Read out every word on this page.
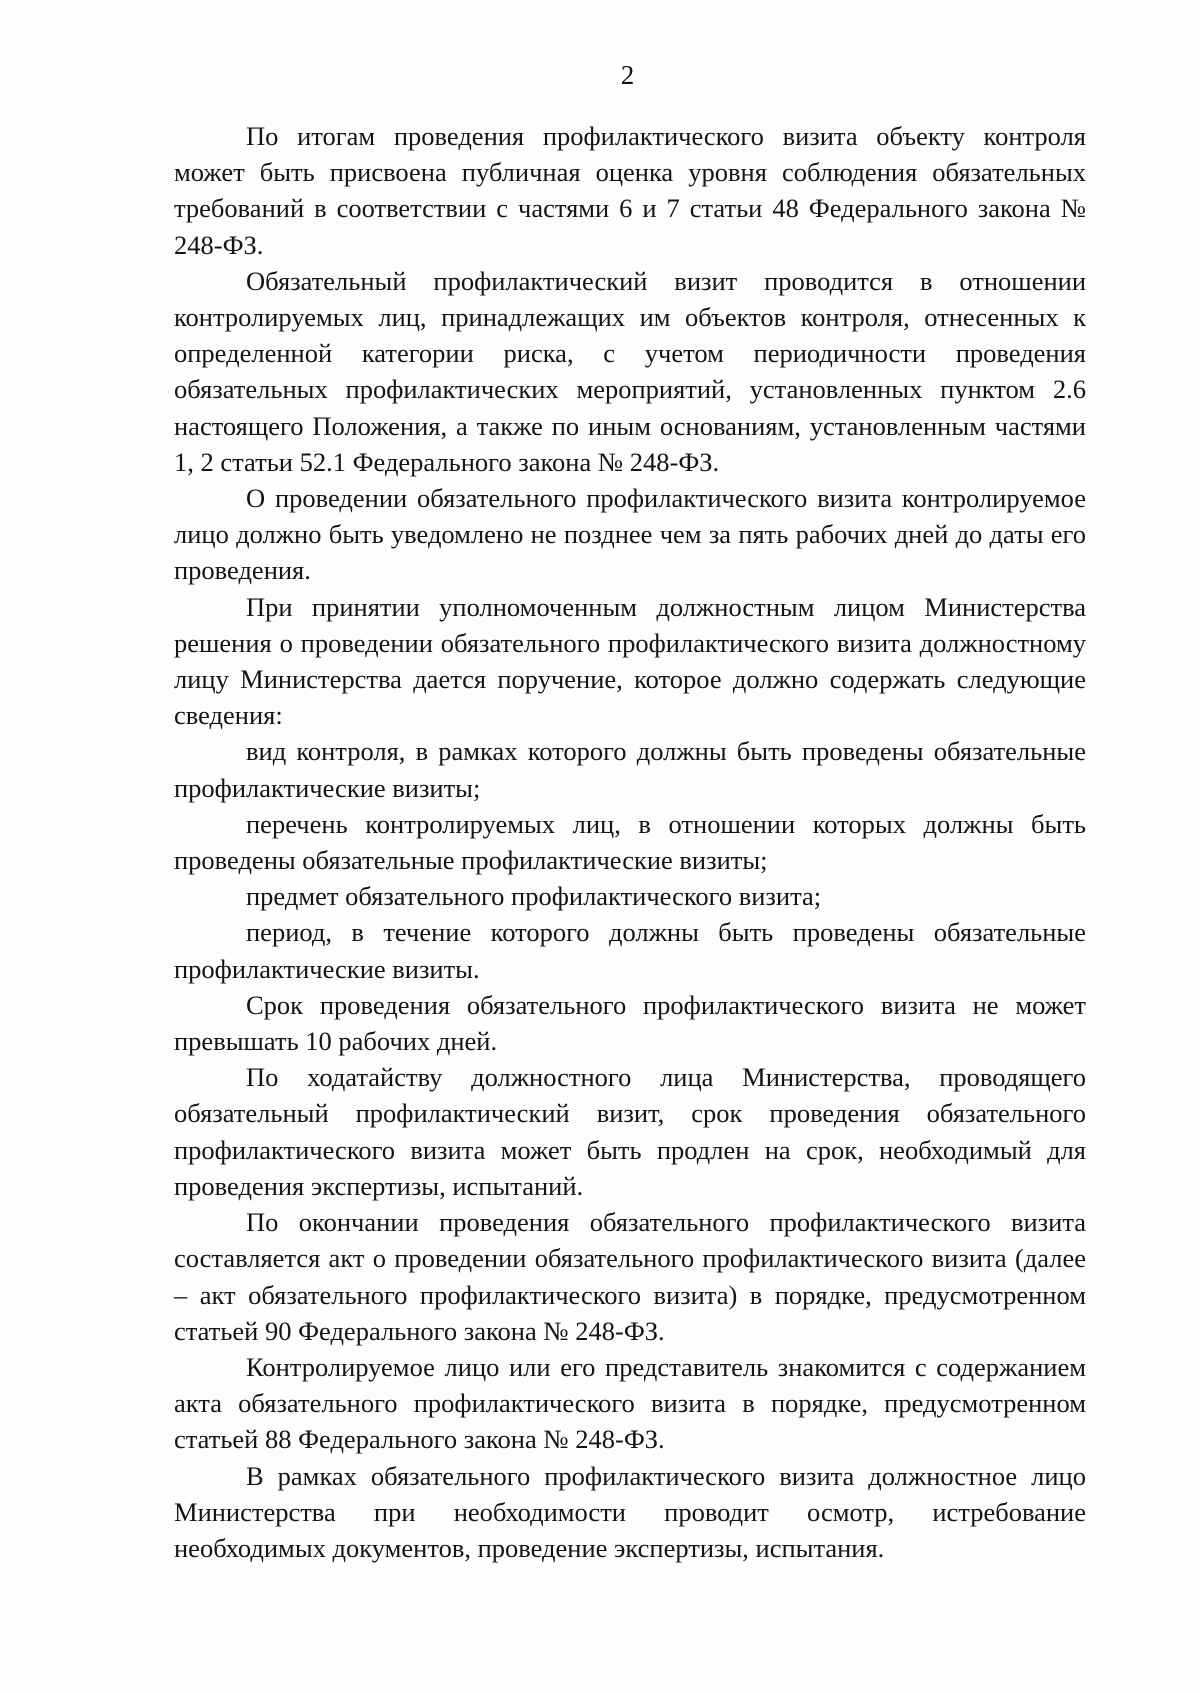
2

По итогам проведения профилактического визита объекту контроля может быть присвоена публичная оценка уровня соблюдения обязательных требований в соответствии с частями 6 и 7 статьи 48 Федерального закона № 248-ФЗ.

Обязательный профилактический визит проводится в отношении контролируемых лиц, принадлежащих им объектов контроля, отнесенных к определенной категории риска, с учетом периодичности проведения обязательных профилактических мероприятий, установленных пунктом 2.6 настоящего Положения, а также по иным основаниям, установленным частями 1, 2 статьи 52.1 Федерального закона № 248-ФЗ.

О проведении обязательного профилактического визита контролируемое лицо должно быть уведомлено не позднее чем за пять рабочих дней до даты его проведения.

При принятии уполномоченным должностным лицом Министерства решения о проведении обязательного профилактического визита должностному лицу Министерства дается поручение, которое должно содержать следующие сведения:

вид контроля, в рамках которого должны быть проведены обязательные профилактические визиты;

перечень контролируемых лиц, в отношении которых должны быть проведены обязательные профилактические визиты;

предмет обязательного профилактического визита;

период, в течение которого должны быть проведены обязательные профилактические визиты.

Срок проведения обязательного профилактического визита не может превышать 10 рабочих дней.

По ходатайству должностного лица Министерства, проводящего обязательный профилактический визит, срок проведения обязательного профилактического визита может быть продлен на срок, необходимый для проведения экспертизы, испытаний.

По окончании проведения обязательного профилактического визита составляется акт о проведении обязательного профилактического визита (далее – акт обязательного профилактического визита) в порядке, предусмотренном статьей 90 Федерального закона № 248-ФЗ.

Контролируемое лицо или его представитель знакомится с содержанием акта обязательного профилактического визита в порядке, предусмотренном статьей 88 Федерального закона № 248-ФЗ.

В рамках обязательного профилактического визита должностное лицо Министерства при необходимости проводит осмотр, истребование необходимых документов, проведение экспертизы, испытания.
